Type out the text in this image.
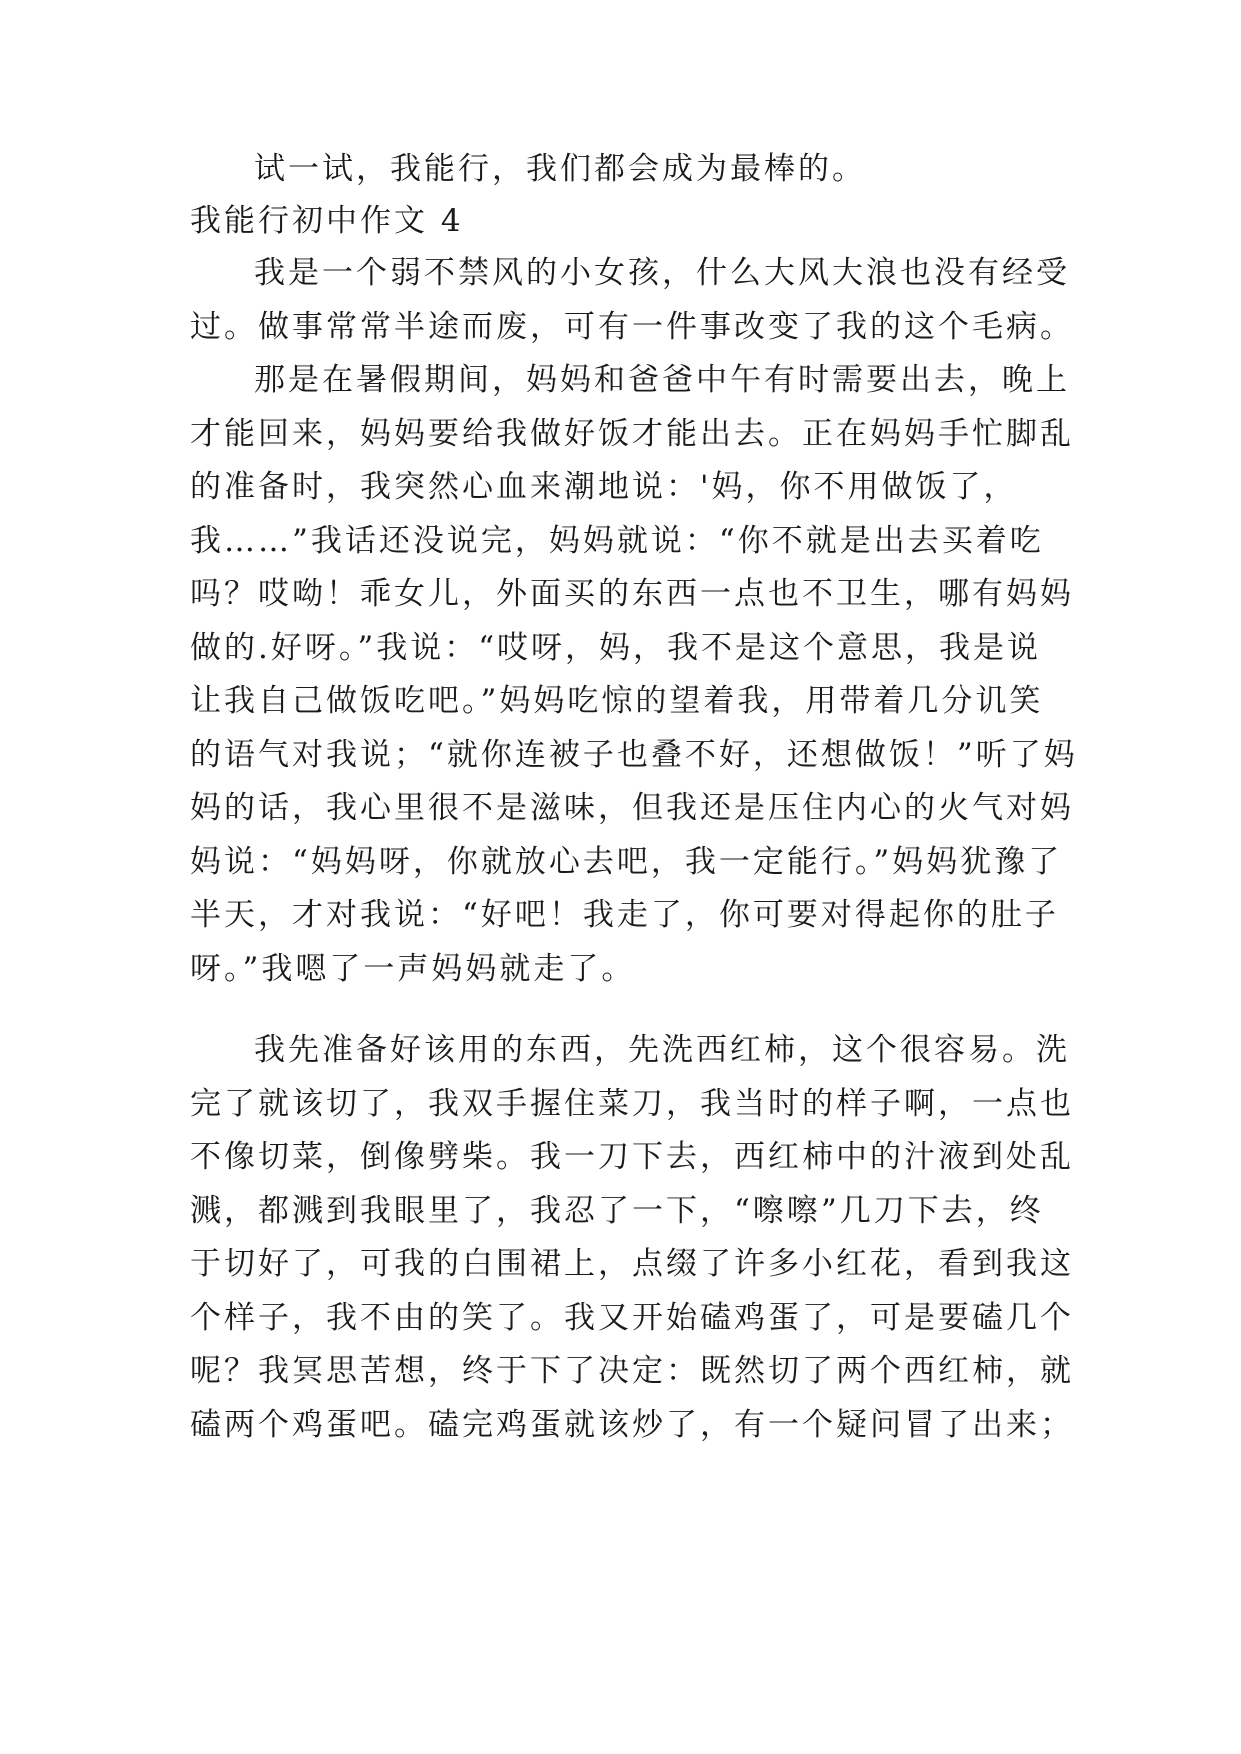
试一试，我能行，我们都会成为最棒的。
我能行初中作文 4
我是一个弱不禁风的小女孩，什么大风大浪也没有经受
过。做事常常半途而废，可有一件事改变了我的这个毛病。
那是在暑假期间，妈妈和爸爸中午有时需要出去，晚上
才能回来，妈妈要给我做好饭才能出去。正在妈妈手忙脚乱
的准备时，我突然心血来潮地说：'妈，你不用做饭了，
我……”我话还没说完，妈妈就说：“你不就是出去买着吃
吗？哎呦！乖女儿，外面买的东西一点也不卫生，哪有妈妈
做的.好呀。”我说：“哎呀，妈，我不是这个意思，我是说
让我自己做饭吃吧。”妈妈吃惊的望着我，用带着几分讥笑
的语气对我说；“就你连被子也叠不好，还想做饭！”听了妈
妈的话，我心里很不是滋味，但我还是压住内心的火气对妈
妈说：“妈妈呀，你就放心去吧，我一定能行。”妈妈犹豫了
半天，才对我说：“好吧！我走了，你可要对得起你的肚子
呀。”我嗯了一声妈妈就走了。
我先准备好该用的东西，先洗西红柿，这个很容易。洗
完了就该切了，我双手握住菜刀，我当时的样子啊，一点也
不像切菜，倒像劈柴。我一刀下去，西红柿中的汁液到处乱
溅，都溅到我眼里了，我忍了一下，“嚓嚓”几刀下去，终
于切好了，可我的白围裙上，点缀了许多小红花，看到我这
个样子，我不由的笑了。我又开始磕鸡蛋了，可是要磕几个
呢？我冥思苦想，终于下了决定：既然切了两个西红柿，就
磕两个鸡蛋吧。磕完鸡蛋就该炒了，有一个疑问冒了出来；
